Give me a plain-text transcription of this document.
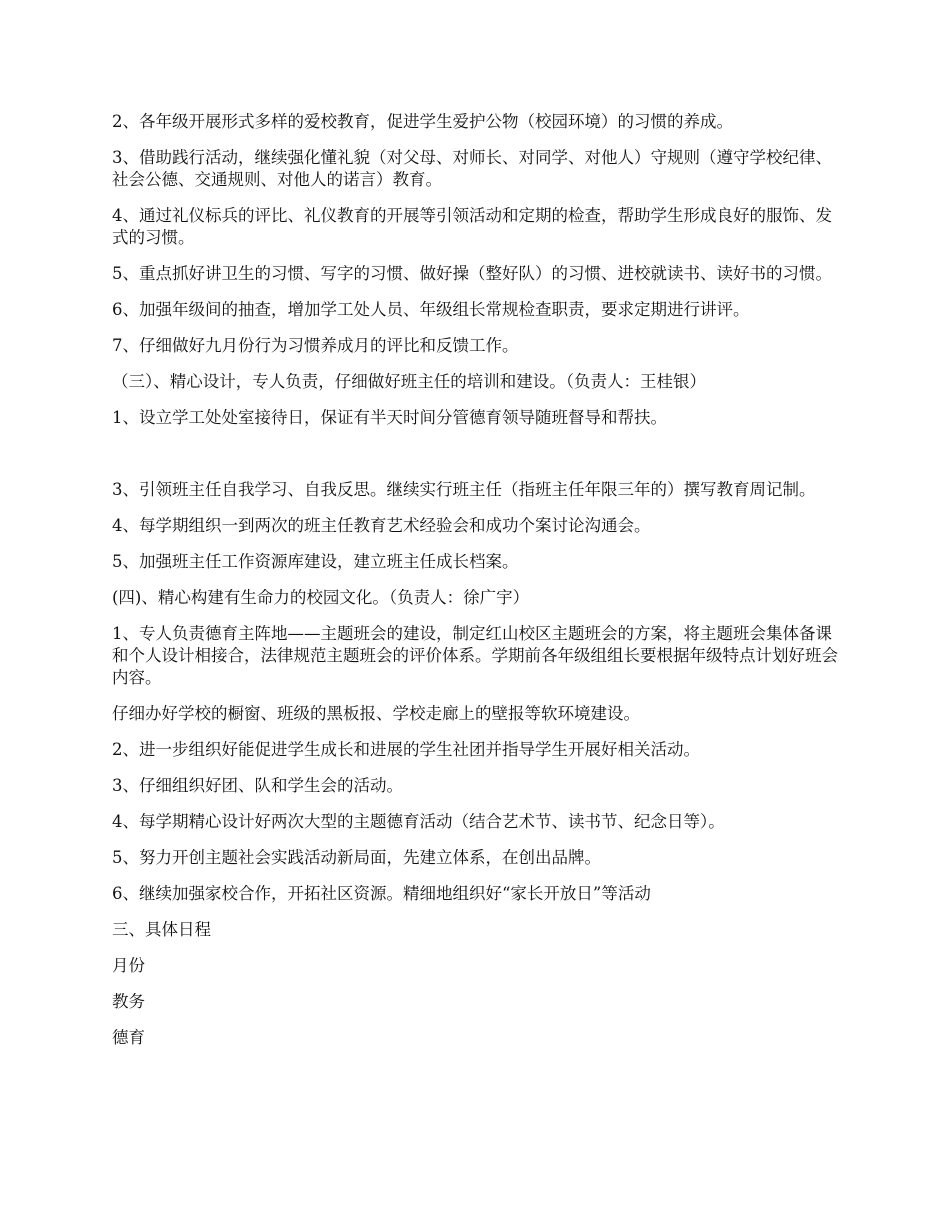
2、各年级开展形式多样的爱校教育，促进学生爱护公物（校园环境）的习惯的养成。

3、借助践行活动，继续强化懂礼貌（对父母、对师长、对同学、对他人）守规则（遵守学校纪律、社会公德、交通规则、对他人的诺言）教育。

4、通过礼仪标兵的评比、礼仪教育的开展等引领活动和定期的检查，帮助学生形成良好的服饰、发式的习惯。

5、重点抓好讲卫生的习惯、写字的习惯、做好操（整好队）的习惯、进校就读书、读好书的习惯。

6、加强年级间的抽查，增加学工处人员、年级组长常规检查职责，要求定期进行讲评。

7、仔细做好九月份行为习惯养成月的评比和反馈工作。

（三）、精心设计，专人负责，仔细做好班主任的培训和建设。（负责人：王桂银）

1、设立学工处处室接待日，保证有半天时间分管德育领导随班督导和帮扶。

3、引领班主任自我学习、自我反思。继续实行班主任（指班主任年限三年的）撰写教育周记制。

4、每学期组织一到两次的班主任教育艺术经验会和成功个案讨论沟通会。

5、加强班主任工作资源库建设，建立班主任成长档案。

(四)、精心构建有生命力的校园文化。（负责人：徐广宇）

1、专人负责德育主阵地——主题班会的建设，制定红山校区主题班会的方案，将主题班会集体备课和个人设计相接合，法律规范主题班会的评价体系。学期前各年级组组长要根据年级特点计划好班会内容。

仔细办好学校的橱窗、班级的黑板报、学校走廊上的壁报等软环境建设。

2、进一步组织好能促进学生成长和进展的学生社团并指导学生开展好相关活动。

3、仔细组织好团、队和学生会的活动。

4、每学期精心设计好两次大型的主题德育活动（结合艺术节、读书节、纪念日等）。

5、努力开创主题社会实践活动新局面，先建立体系，在创出品牌。

6、继续加强家校合作，开拓社区资源。精细地组织好“家长开放日”等活动

三、具体日程

月份

教务

德育
